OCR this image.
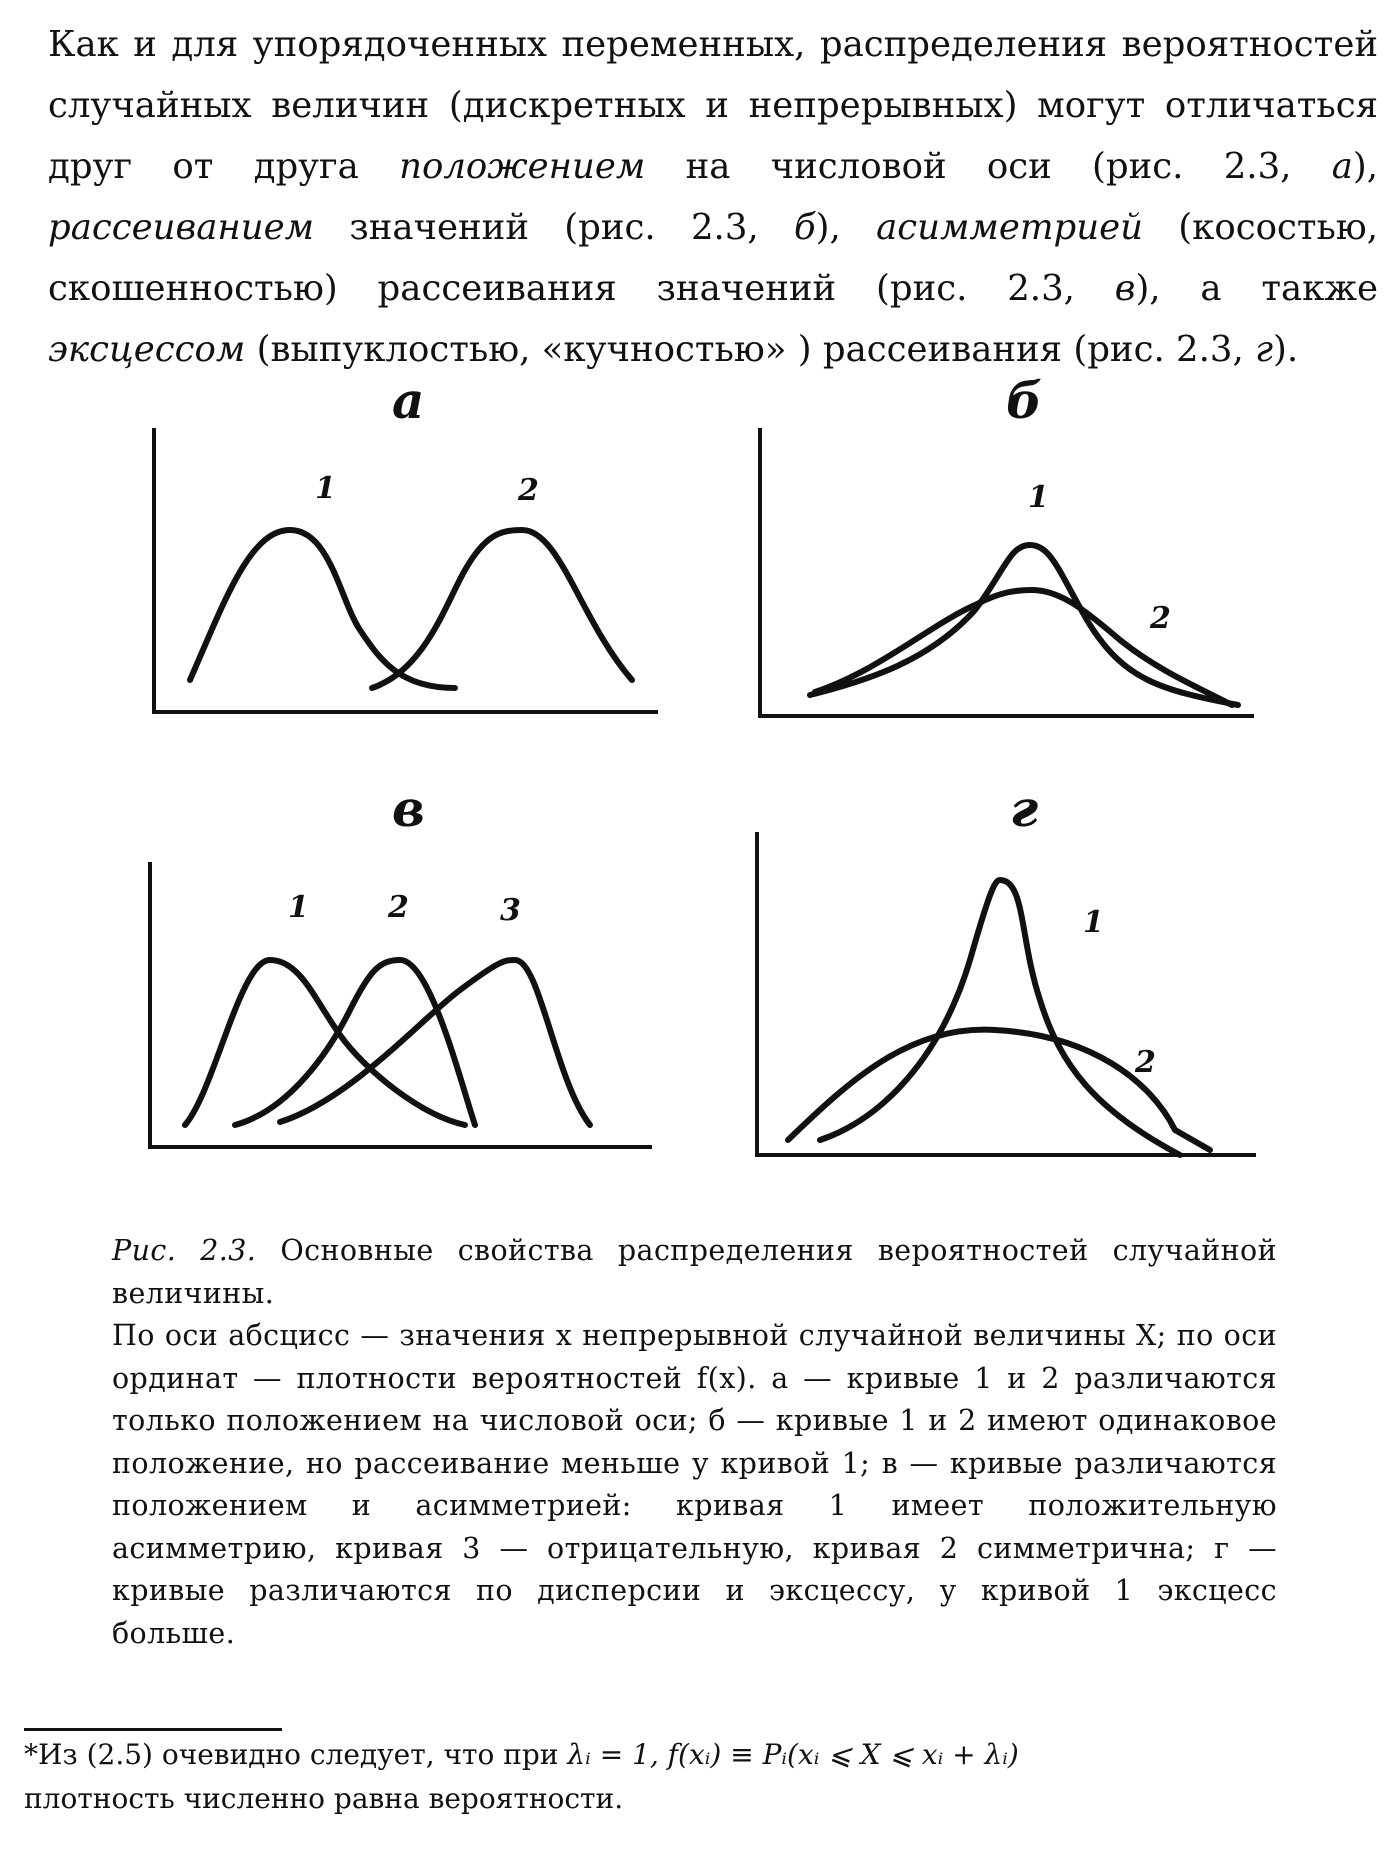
Как и для упорядоченных переменных, распределения вероятностей случайных величин (дискретных и непрерывных) могут отличаться друг от друга положением на числовой оси (рис. 2.3, а), рассеиванием значений (рис. 2.3, б), асимметрией (косостью, скошенностью) рассеивания значений (рис. 2.3, в), а также эксцессом (выпуклостью, «кучностью» ) рассеивания (рис. 2.3, г).
а
1	2
б
1
2
в
1	2	3
г
1
2

Рис. 2.3. Основные свойства распределения вероятностей случайной величины.

По оси абсцисс — значения x непрерывной случайной величины X; по оси ординат — плотности вероятностей f(x). а — кривые 1 и 2 различаются только положением на числовой оси; б — кривые 1 и 2 имеют одинаковое положение, но рассеивание меньше у кривой 1; в — кривые различаются положением и асимметрией: кривая 1 имеет положительную асимметрию, кривая 3 — отрицательную, кривая 2 симметрична; г — кривые различаются по дисперсии и эксцессу, у кривой 1 эксцесс больше.

*Из (2.5) очевидно следует, что при λᵢ = 1, f(xᵢ) ≡ Pᵢ(xᵢ ⩽ X ⩽ xᵢ + λᵢ)

плотность численно равна вероятности.
